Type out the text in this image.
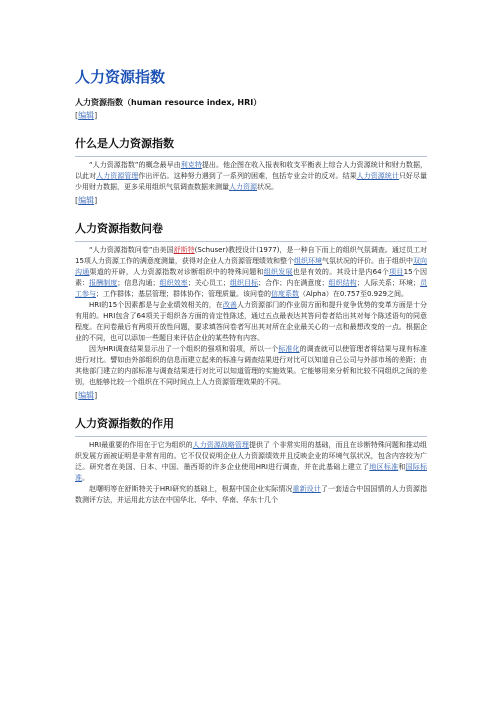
人力资源指数
人力资源指数（human resource index, HRI）
[编辑]
什么是人力资源指数

“人力资源指数”的概念最早由利克特提出。他企图在收入报表和收支平衡表上综合人力资源统计和财力数据，以此对人力资源管理作出评估。这种努力遇到了一系列的困难，包括专业会计的反对。结果人力资源统计只好尽量少用财力数据，更多采用组织气氛调查数据来测量人力资源状况。

[编辑]
人力资源指数问卷

“人力资源指数问卷”由美国舒斯特(Schuser)教授设计(1977)，是一种自下而上的组织气氛调查。通过员工对15项人力资源工作的满意度测量，获得对企业人力资源管理绩效和整个组织环境气氛状况的评价。由于组织中双向沟通渠道的开辟，人力资源指数对诊断组织中的特殊问题和组织发展也是有效的。其设计是内64个项目15个因素：报酬制度；信息沟通；组织效率；关心员工；组织目标；合作；内在满意度；组织结构；人际关系；环境；员工参与；工作群体；基层管理；群体协作；管理质量。该问卷的信度系数（Alpha）在0.757至0.929之间。

HRI的15个因素都是与企业绩效相关的，在改善人力资源部门的作业弱方面和提升竞争优势的变革方面是十分有用的。HRI包含了64项关于组织各方面的肯定性陈述，通过五点最表达其答问卷者给出其对每个陈述语句的同意程度。在问卷最后有两项开放性问题，要求填答问卷者写出其对所在企业最关心的一点和最想改变的一点。根据企业的不同，也可以添加一些题目来评估企业的某些特有内容。

因为HRI调查结果显示出了一个组织的强项和弱项，所以一个标准化的调查就可以使管理者将结果与现有标准进行对比。譬如由外部组织的信息而建立起来的标准与调查结果进行对比可以知道自己公司与外部市场的差距；由其他部门建立的内部标准与调查结果进行对比可以知道管理的实施效果。它能够用来分析和比较不同组织之间的差别，也能够比较一个组织在不同时间点上人力资源管理效果的不同。

[编辑]
人力资源指数的作用

HRI最重要的作用在于它为组织的人力资源战略管理提供了 个非常实用的基础，而且在诊断特殊问题和推动组织发展方面被证明是非常有用的。它不仅仅说明企业人力资源绩效并且反映企业的环境气氛状况，包含内容较为广泛。研究者在美国、日本、中国、墨西哥的许多企业使用HRI进行调查，并在此基础上建立了地区标准和国际标准。

赵曙明等在舒斯特关于HRI研究的基础上，根据中国企业实际情况重新设计了一套适合中国国情的人力资源指数测评方法，并运用此方法在中国华北、华中、华南、华东十几个
